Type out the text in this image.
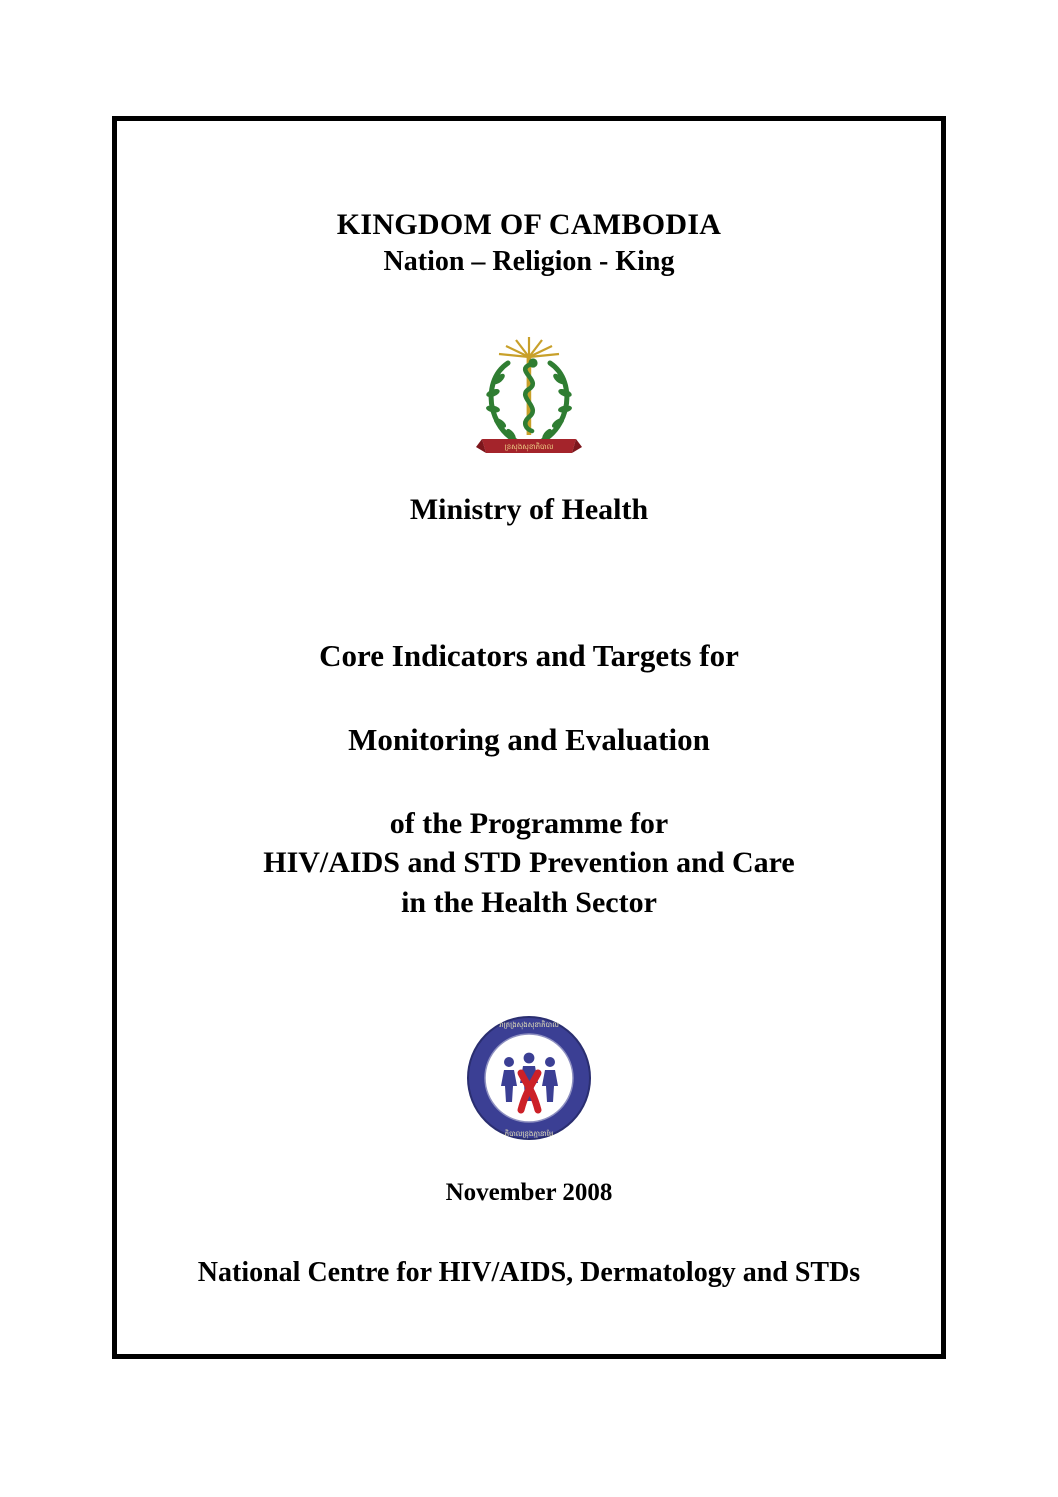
KINGDOM OF CAMBODIA
Nation – Religion - King
ខ្រសុងសុខាភិបាល
Ministry of Health
Core Indicators and Targets for
Monitoring and Evaluation
of the Programme for
HIV/AIDS and STD Prevention and Care
in the Health Sector
រាត្រង្រសុងសុខាភិបាល
ភិបាលខ្រុងភ្មានាមែ
November 2008
National Centre for HIV/AIDS, Dermatology and STDs
